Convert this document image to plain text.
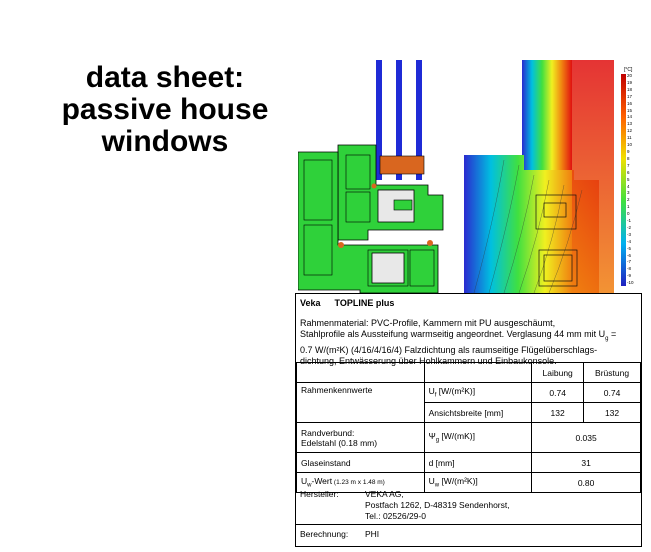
data sheet:
passive house
windows
[°C]
20
19
18
17
16
15
14
13
12
11
10
9
8
7
6
5
4
3
2
1
0
-1
-2
-3
-4
-5
-6
-7
-8
-9
-10
Veka TOPLINE plus
Rahmenmaterial: PVC-Profile, Kammern mit PU ausgeschäumt,
Stahlprofile als Aussteifung warmseitig angeordnet. Verglasung 44 mm mit $U_g$ =
0.7 W/(m²K) (4/16/4/16/4) Falzdichtung als raumseitige Flügelüberschlags-
dichtung, Entwässerung über Hohlkammern und Einbaukonsole.
		Laibung	Brüstung
Rahmenkennwerte	$U_f$ [W/(m²K)]	0.74	0.74
	Ansichtsbreite [mm]	132	132

Randverbund:
Edelstahl (0.18 mm)	$\Psi_g$ [W/(mK)]	0.035	
Glaseinstand	d [mm]	31	
$U_w$-Wert (1.23 m x 1.48 m)	$U_w$ [W/(m²K)]	0.80	
Hersteller:	VEKA AG,
Postfach 1262, D-48319 Sendenhorst,
Tel.: 02526/29-0
Berechnung: PHI
